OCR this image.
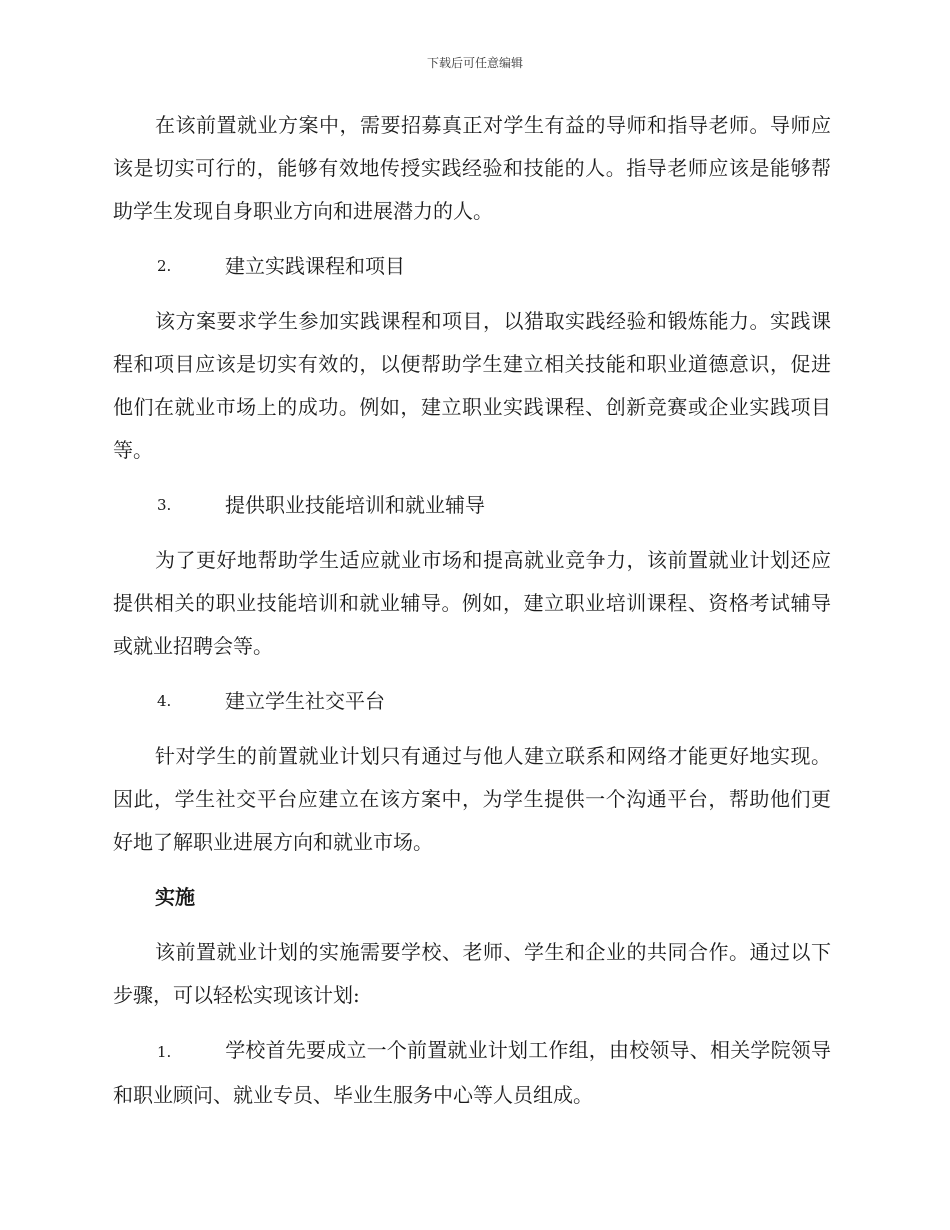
下载后可任意编辑

在该前置就业方案中，需要招募真正对学生有益的导师和指导老师。导师应该是切实可行的，能够有效地传授实践经验和技能的人。指导老师应该是能够帮助学生发现自身职业方向和进展潜力的人。

2.	建立实践课程和项目

该方案要求学生参加实践课程和项目，以猎取实践经验和锻炼能力。实践课程和项目应该是切实有效的，以便帮助学生建立相关技能和职业道德意识，促进他们在就业市场上的成功。例如，建立职业实践课程、创新竞赛或企业实践项目等。

3.	提供职业技能培训和就业辅导

为了更好地帮助学生适应就业市场和提高就业竞争力，该前置就业计划还应提供相关的职业技能培训和就业辅导。例如，建立职业培训课程、资格考试辅导或就业招聘会等。

4.	建立学生社交平台

针对学生的前置就业计划只有通过与他人建立联系和网络才能更好地实现。因此，学生社交平台应建立在该方案中，为学生提供一个沟通平台，帮助他们更好地了解职业进展方向和就业市场。

实施

该前置就业计划的实施需要学校、老师、学生和企业的共同合作。通过以下步骤，可以轻松实现该计划:

1.	学校首先要成立一个前置就业计划工作组，由校领导、相关学院领导和职业顾问、就业专员、毕业生服务中心等人员组成。
